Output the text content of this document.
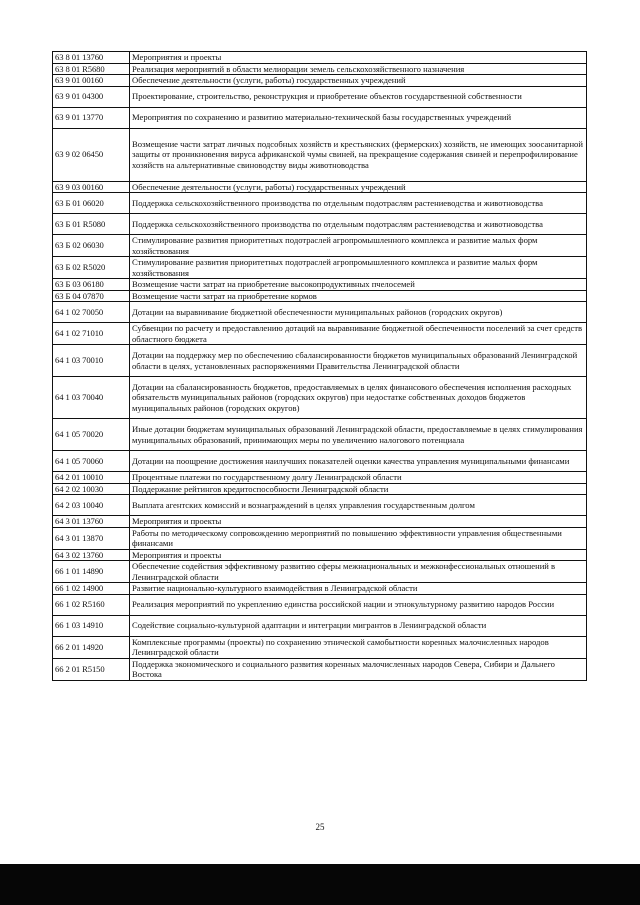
63 8 01 13760	Мероприятия и проекты
63 8 01 R5680	Реализация мероприятий в области мелиорации земель сельскохозяйственного назначения
63 9 01 00160	Обеспечение деятельности (услуги, работы) государственных учреждений
63 9 01 04300	Проектирование, строительство, реконструкция и приобретение объектов государственной собственности
63 9 01 13770	Мероприятия по сохранению и развитию материально-технической базы государственных учреждений
63 9 02 06450	Возмещение части затрат личных подсобных хозяйств и крестьянских (фермерских) хозяйств, не имеющих зоосанитарной защиты от проникновения вируса африканской чумы свиней, на прекращение содержания свиней и перепрофилирование хозяйств на альтернативные свиноводству виды животноводства
63 9 03 00160	Обеспечение деятельности (услуги, работы) государственных учреждений
63 Б 01 06020	Поддержка сельскохозяйственного производства по отдельным подотраслям растениеводства и животноводства
63 Б 01 R5080	Поддержка сельскохозяйственного производства по отдельным подотраслям растениеводства и животноводства
63 Б 02 06030	Стимулирование развития приоритетных подотраслей агропромышленного комплекса и развитие малых форм хозяйствования
63 Б 02 R5020	Стимулирование развития приоритетных подотраслей агропромышленного комплекса и развитие малых форм хозяйствования
63 Б 03 06180	Возмещение части затрат на приобретение высокопродуктивных пчелосемей
63 Б 04 07870	Возмещение части затрат на приобретение кормов
64 1 02 70050	Дотации на выравнивание бюджетной обеспеченности муниципальных районов (городских округов)
64 1 02 71010	Субвенции по расчету и предоставлению дотаций на выравнивание бюджетной обеспеченности поселений за счет средств областного бюджета
64 1 03 70010	Дотации на поддержку мер по обеспечению сбалансированности бюджетов муниципальных образований Ленинградской области в целях, установленных распоряжениями Правительства Ленинградской области
64 1 03 70040	Дотации на сбалансированность бюджетов, предоставляемых в целях финансового обеспечения исполнения расходных обязательств муниципальных районов (городских округов) при недостатке собственных доходов бюджетов муниципальных районов (городских округов)
64 1 05 70020	Иные дотации бюджетам муниципальных образований Ленинградской области, предоставляемые в целях стимулирования муниципальных образований, принимающих меры по увеличению налогового потенциала
64 1 05 70060	Дотации на поощрение достижения наилучших показателей оценки качества управления муниципальными финансами
64 2 01 10010	Процентные платежи по государственному долгу Ленинградской области
64 2 02 10030	Поддержание рейтингов кредитоспособности Ленинградской области
64 2 03 10040	Выплата агентских комиссий и вознаграждений в целях управления государственным долгом
64 3 01 13760	Мероприятия и проекты
64 3 01 13870	Работы по методическому сопровождению мероприятий по повышению эффективности управления общественными финансами
64 3 02 13760	Мероприятия и проекты
66 1 01 14890	Обеспечение содействия эффективному развитию сферы межнациональных и межконфессиональных отношений в Ленинградской области
66 1 02 14900	Развитие национально-культурного взаимодействия в Ленинградской области
66 1 02 R5160	Реализация мероприятий по укреплению единства российской нации и этнокультурному развитию народов России
66 1 03 14910	Содействие социально-культурной адаптации и интеграции мигрантов в Ленинградской области
66 2 01 14920	Комплексные программы (проекты) по сохранению этнической самобытности коренных малочисленных народов Ленинградской области
66 2 01 R5150	Поддержка экономического и социального развития коренных малочисленных народов Севера, Сибири и Дальнего Востока
25
